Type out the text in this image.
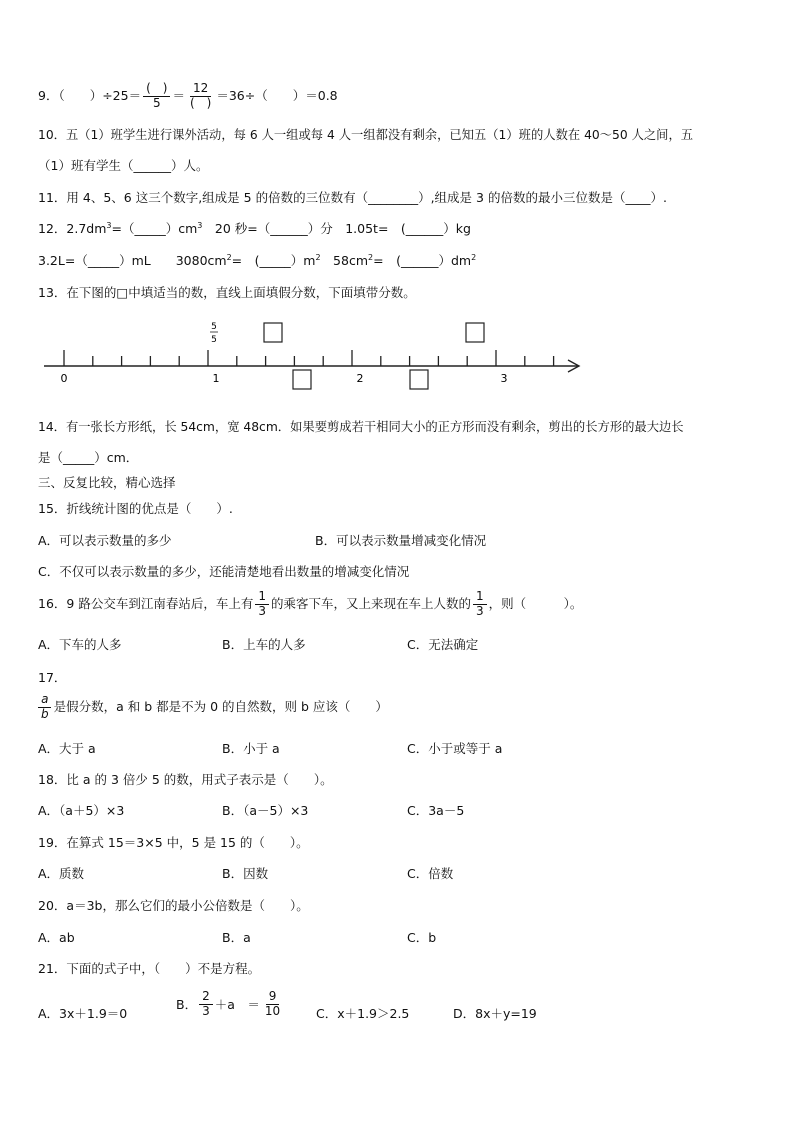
9．（　　）$\div 25= \frac{( )}{5} = \frac{12}{( )} =36\div$（　　）＝0.8
10．五（1）班学生进行课外活动，每 6 人一组或每 4 人一组都没有剩余，已知五（1）班的人数在 40～50 人之间，五
（1）班有学生（______）人。
11．用 4、5、6 这三个数字,组成是 5 的倍数的三位数有（________）,组成是 3 的倍数的最小三位数是（____）.
12．$2.7dm^3=(\_\_\_\_\_)cm^3$　20 秒=（______）分　1.05t=　(______）kg
3.2L=（_____）mL　　$3080cm^2=$　$(\_\_\_\_\_)m^2$　$58cm^2=$　$(\_\_\_\_\_\_)dm^2$
13．在下图的□中填适当的数，直线上面填假分数，下面填带分数。
0	1	2	3
5
5
14．有一张长方形纸，长 54cm，宽 48cm．如果要剪成若干相同大小的正方形而没有剩余，剪出的长方形的最大边长
是（_____）cm．
三、反复比较，精心选择
15．折线统计图的优点是（　　）.
A．可以表示数量的多少	B．可以表示数量增减变化情况
C．不仅可以表示数量的多少，还能清楚地看出数量的增减变化情况
16．9 路公交车到江南春站后，车上有 $\frac{1}{3}$ 的乘客下车，又上来现在车上人数的 $\frac{1}{3}$ ，则（　　　）。
A．下车的人多	B．上车的人多	C．无法确定
17．
$\frac{a}{b}$ 是假分数，a 和 b 都是不为 0 的自然数，则 b 应该（　　）
A．大于 a	B．小于 a	C．小于或等于 a
18．比 a 的 3 倍少 5 的数，用式子表示是（　　）。
A．（a＋5）×3	B．（a－5）×3	C．3a－5
19．在算式 15＝3×5 中，5 是 15 的（　　）。
A．质数	B．因数	C．倍数
20．a＝3b，那么它们的最小公倍数是（　　）。
A．ab	B．a	C．b
21．下面的式子中，（　　）不是方程。
A．3x＋1.9＝0
B． $\frac{2}{3} +a$　＝ $\frac{9}{10}$	C．x＋1.9＞2.5	D．8x＋y=19
